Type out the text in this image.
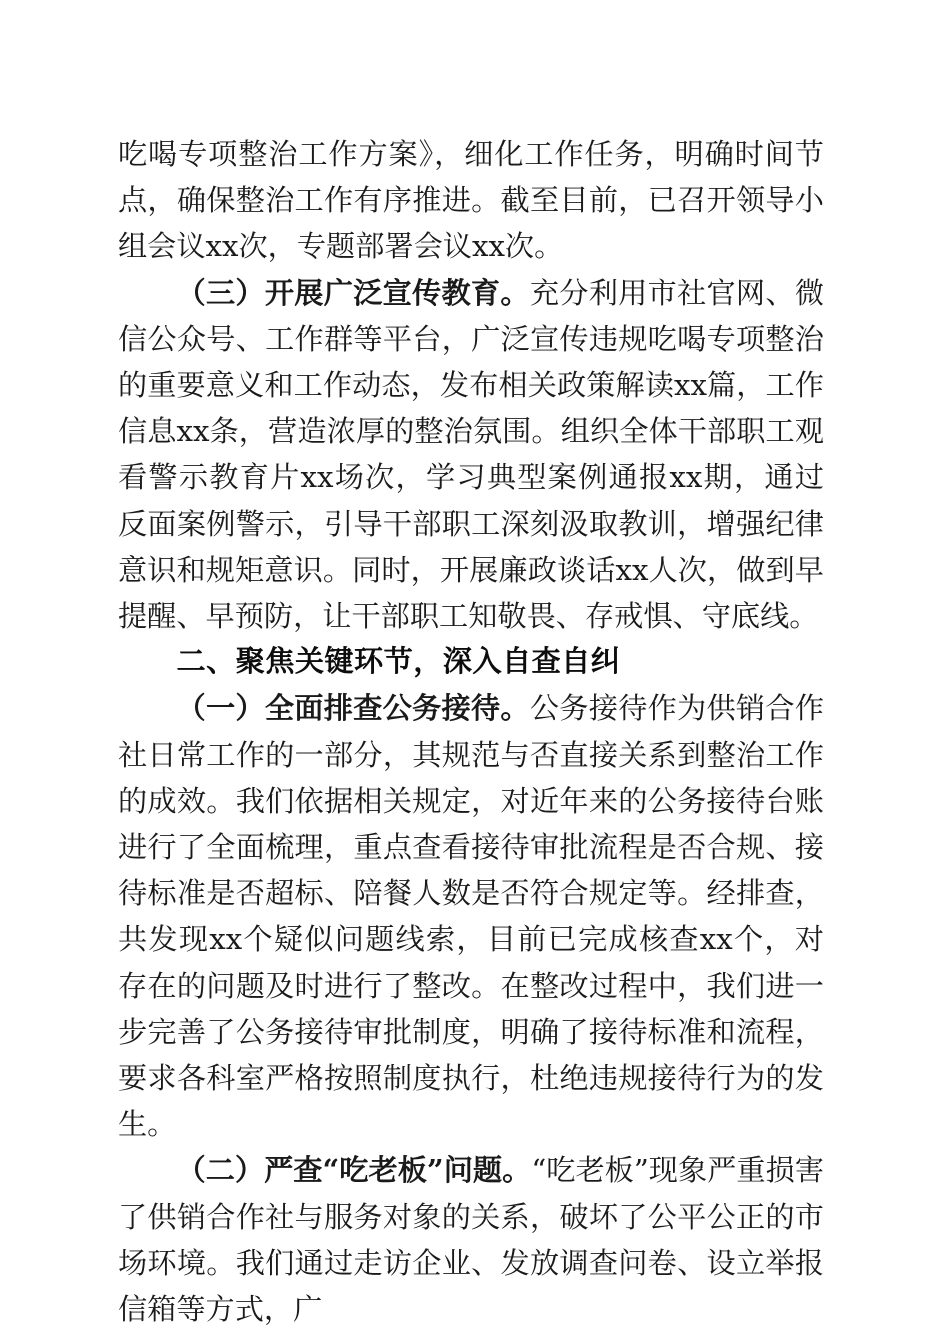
吃喝专项整治工作方案》，细化工作任务，明确时间节点，确保整治工作有序推进。截至目前，已召开领导小组会议xx次，专题部署会议xx次。

（三）开展广泛宣传教育。充分利用市社官网、微信公众号、工作群等平台，广泛宣传违规吃喝专项整治的重要意义和工作动态，发布相关政策解读xx篇，工作信息xx条，营造浓厚的整治氛围。组织全体干部职工观看警示教育片xx场次，学习典型案例通报xx期，通过反面案例警示，引导干部职工深刻汲取教训，增强纪律意识和规矩意识。同时，开展廉政谈话xx人次，做到早提醒、早预防，让干部职工知敬畏、存戒惧、守底线。

二、聚焦关键环节，深入自查自纠

（一）全面排查公务接待。公务接待作为供销合作社日常工作的一部分，其规范与否直接关系到整治工作的成效。我们依据相关规定，对近年来的公务接待台账进行了全面梳理，重点查看接待审批流程是否合规、接待标准是否超标、陪餐人数是否符合规定等。经排查，共发现xx个疑似问题线索，目前已完成核查xx个，对存在的问题及时进行了整改。在整改过程中，我们进一步完善了公务接待审批制度，明确了接待标准和流程，要求各科室严格按照制度执行，杜绝违规接待行为的发生。

（二）严查“吃老板”问题。“吃老板”现象严重损害了供销合作社与服务对象的关系，破坏了公平公正的市场环境。我们通过走访企业、发放调查问卷、设立举报信箱等方式，广
